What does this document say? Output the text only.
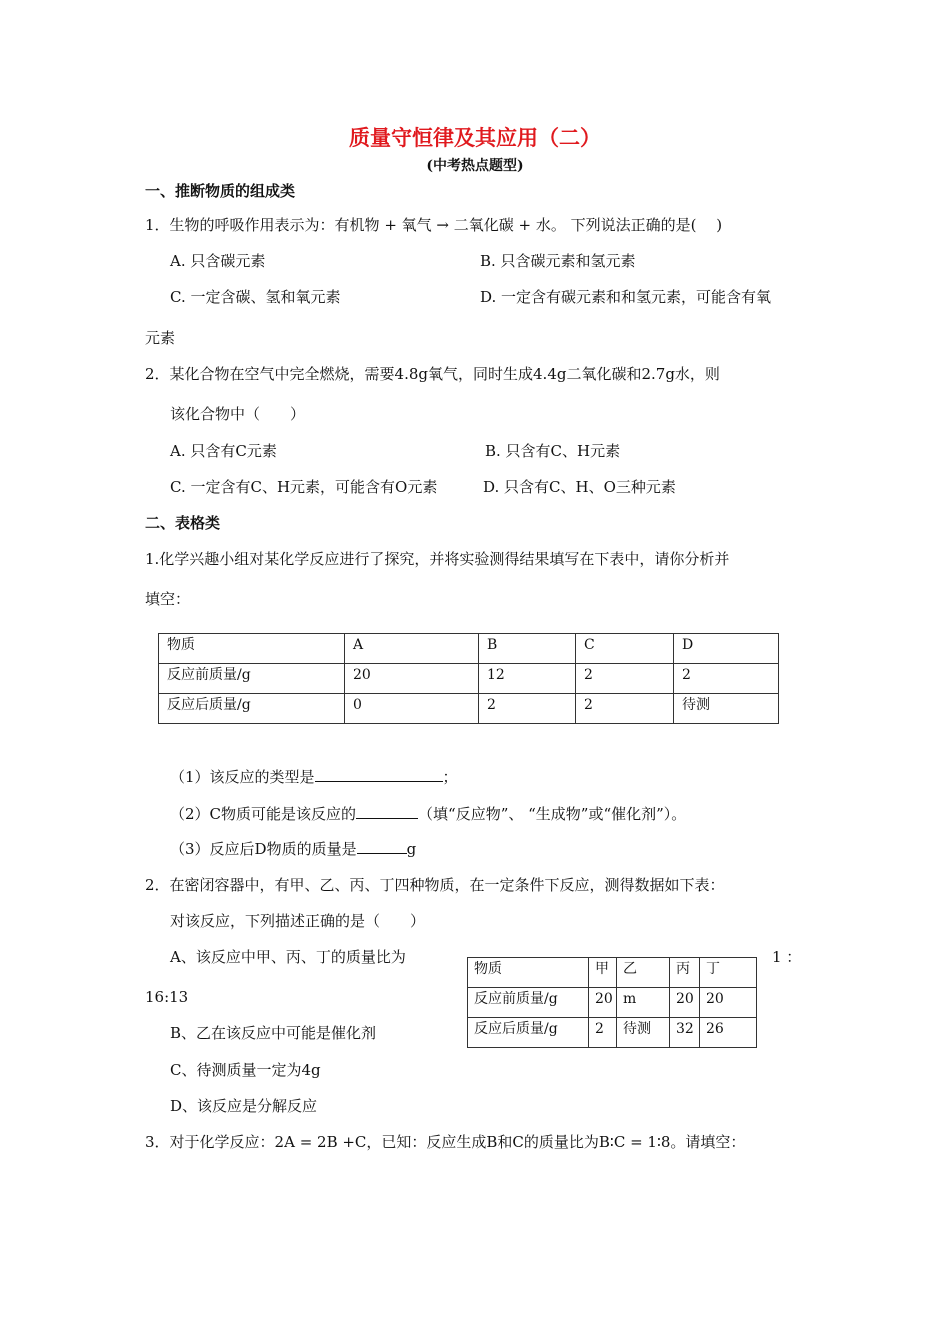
质量守恒律及其应用（二）
(中考热点题型)
一、推断物质的组成类
1．生物的呼吸作用表示为：有机物 + 氧气 → 二氧化碳 + 水。 下列说法正确的是(　 )
A. 只含碳元素	B. 只含碳元素和氢元素
C. 一定含碳、氢和氧元素	D. 一定含有碳元素和和氢元素，可能含有氧
元素
2．某化合物在空气中完全燃烧，需要4.8g氧气，同时生成4.4g二氧化碳和2.7g水，则
该化合物中（　　）
A. 只含有C元素	B. 只含有C、H元素
C. 一定含有C、H元素，可能含有O元素	D. 只含有C、H、O三种元素
二、表格类
1.化学兴趣小组对某化学反应进行了探究，并将实验测得结果填写在下表中，请你分析并
填空：
物质	A	B	C	D
反应前质量/g	20	12	2	2
反应后质量/g	0	2	2	待测
（1）该反应的类型是	；
（2）C物质可能是该反应的	（填“反应物”、 “生成物”或“催化剂”）。
（3）反应后D物质的质量是	g
2．在密闭容器中，有甲、乙、丙、丁四种物质，在一定条件下反应，测得数据如下表：
对该反应，下列描述正确的是（　　）
A、该反应中甲、丙、丁的质量比为	1 ：
16:13
B、乙在该反应中可能是催化剂
C、待测质量一定为4g
D、该反应是分解反应
物质	甲	乙	丙	丁
反应前质量/g	20	m	20	20
反应后质量/g	2	待测	32	26
3．对于化学反应：2A = 2B +C，已知：反应生成B和C的质量比为B∶C = 1∶8。请填空：
